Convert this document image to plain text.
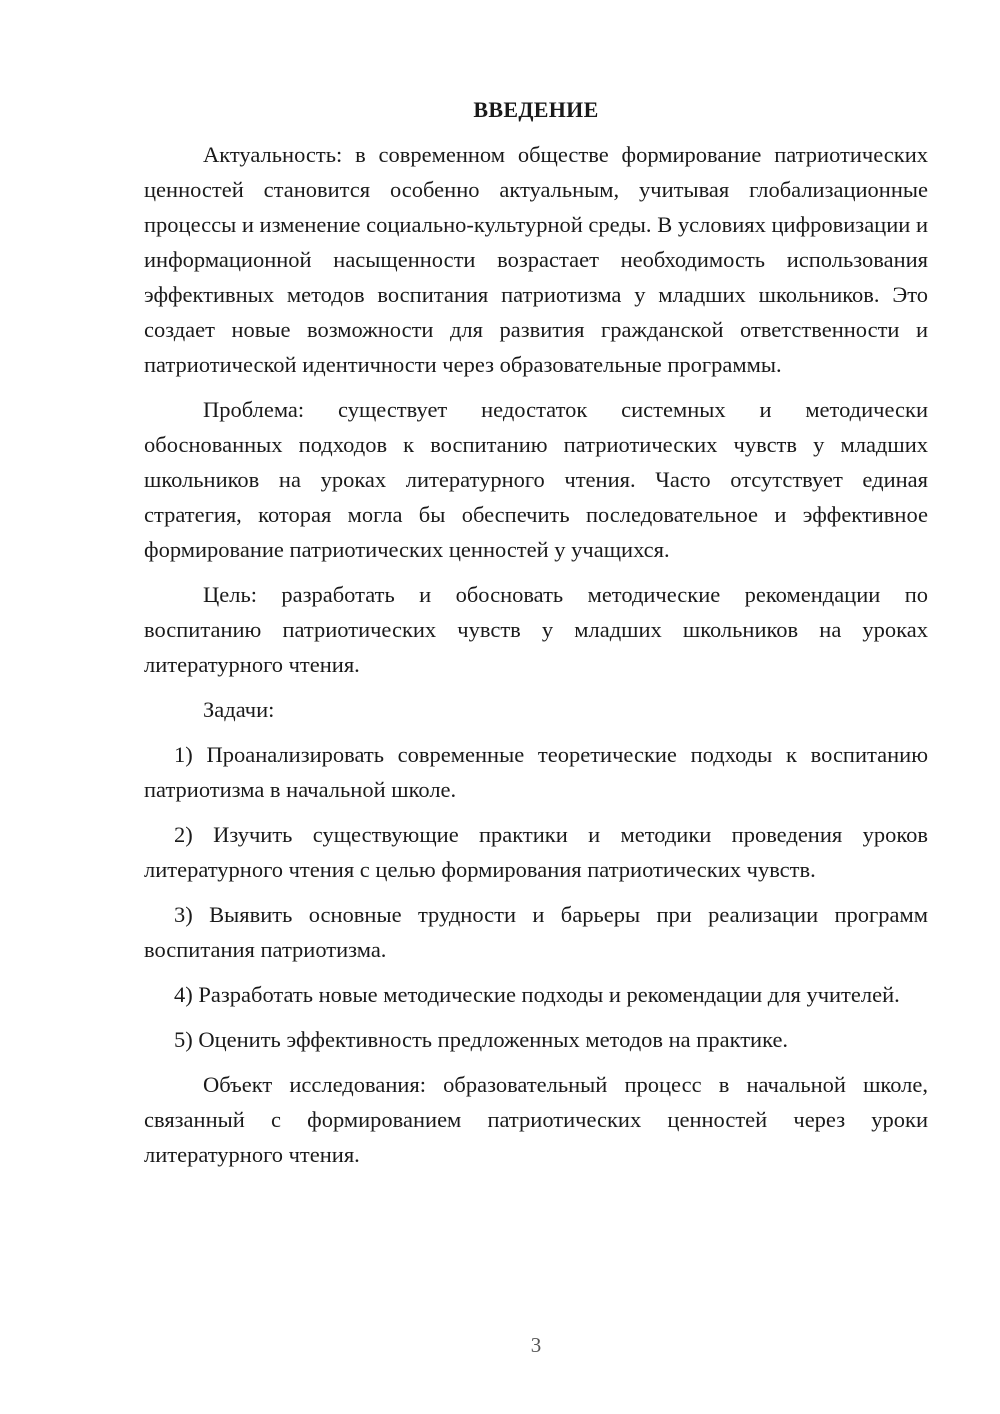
ВВЕДЕНИЕ

Актуальность: в современном обществе формирование патриотических ценностей становится особенно актуальным, учитывая глобализационные процессы и изменение социально-культурной среды. В условиях цифровизации и информационной насыщенности возрастает необходимость использования эффективных методов воспитания патриотизма у младших школьников. Это создает новые возможности для развития гражданской ответственности и патриотической идентичности через образовательные программы.

Проблема: существует недостаток системных и методически обоснованных подходов к воспитанию патриотических чувств у младших школьников на уроках литературного чтения. Часто отсутствует единая стратегия, которая могла бы обеспечить последовательное и эффективное формирование патриотических ценностей у учащихся.

Цель: разработать и обосновать методические рекомендации по воспитанию патриотических чувств у младших школьников на уроках литературного чтения.

Задачи:

1) Проанализировать современные теоретические подходы к воспитанию патриотизма в начальной школе.

2) Изучить существующие практики и методики проведения уроков литературного чтения с целью формирования патриотических чувств.

3) Выявить основные трудности и барьеры при реализации программ воспитания патриотизма.

4) Разработать новые методические подходы и рекомендации для учителей.

5) Оценить эффективность предложенных методов на практике.

Объект исследования: образовательный процесс в начальной школе, связанный с формированием патриотических ценностей через уроки литературного чтения.

3
